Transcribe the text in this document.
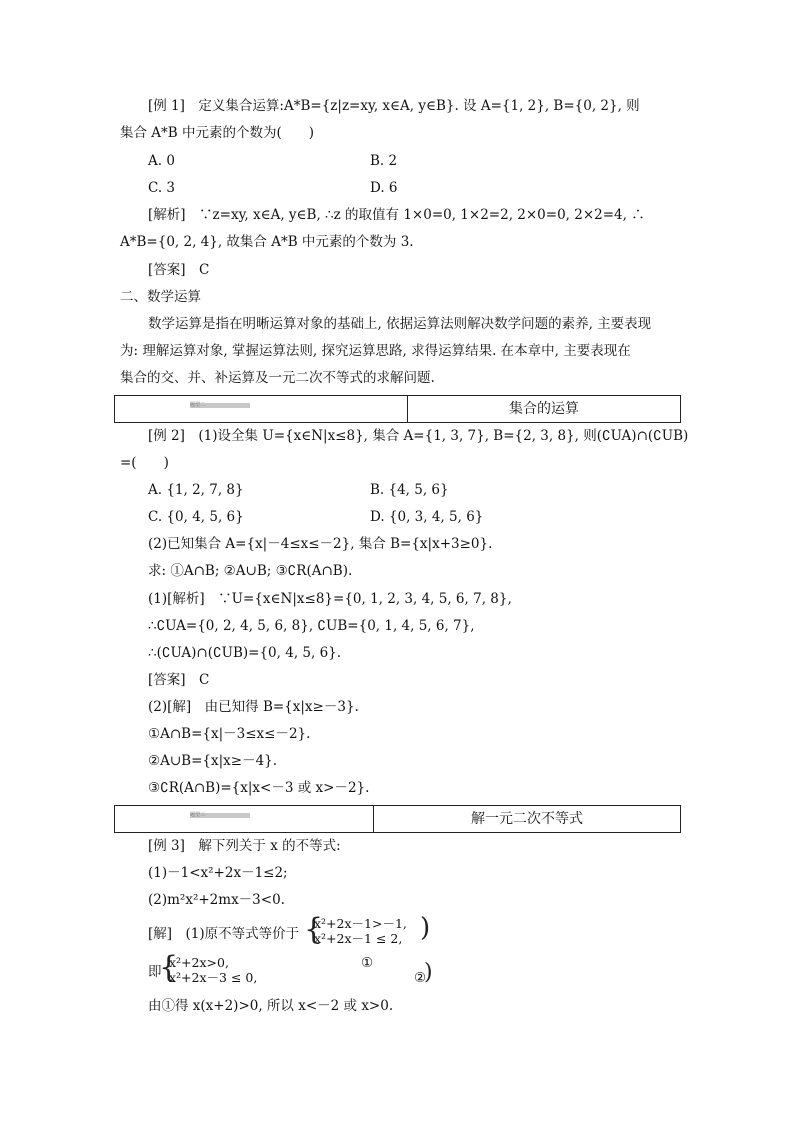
[例 1]　定义集合运算:A*B={z|z=xy, x∈A, y∈B}. 设 A={1, 2}, B={0, 2}, 则
集合 A*B 中元素的个数为(　　)
A. 0	B. 2
C. 3	D. 6
[解析]　∵z=xy, x∈A, y∈B, ∴z 的取值有 1×0=0, 1×2=2, 2×0=0, 2×2=4, ∴
A*B={0, 2, 4}, 故集合 A*B 中元素的个数为 3.
[答案]　C
二、数学运算
数学运算是指在明晰运算对象的基础上, 依据运算法则解决数学问题的素养, 主要表现
为: 理解运算对象, 掌握运算法则, 探究运算思路, 求得运算结果. 在本章中, 主要表现在
集合的交、并、补运算及一元二次不等式的求解问题.
题型二	集合的运算
[例 2]　(1)设全集 U={x∈N|x≤8}, 集合 A={1, 3, 7}, B={2, 3, 8}, 则(∁UA)∩(∁UB)
=(　　)
A. {1, 2, 7, 8}	B. {4, 5, 6}
C. {0, 4, 5, 6}	D. {0, 3, 4, 5, 6}
(2)已知集合 A={x|－4≤x≤－2}, 集合 B={x|x+3≥0}.
求: ①A∩B; ②A∪B; ③∁R(A∩B).
(1)[解析]　∵U={x∈N|x≤8}={0, 1, 2, 3, 4, 5, 6, 7, 8},
∴∁UA={0, 2, 4, 5, 6, 8}, ∁UB={0, 1, 4, 5, 6, 7},
∴(∁UA)∩(∁UB)={0, 4, 5, 6}.
[答案]　C
(2)[解]　由已知得 B={x|x≥－3}.
①A∩B={x|－3≤x≤－2}.
②A∪B={x|x≥－4}.
③∁R(A∩B)={x|x<－3 或 x>－2}.
题型三	解一元二次不等式
[例 3]　解下列关于 x 的不等式:
(1)－1<x²+2x－1≤2;
(2)m²x²+2mx－3<0.
[解]　(1)原不等式等价于 {
x²+2x－1>－1,
x²+2x－1 ≤ 2, )
即
{
x²+2x>0,
x²+2x－3 ≤ 0,
①
②
)
由①得 x(x+2)>0, 所以 x<－2 或 x>0.
